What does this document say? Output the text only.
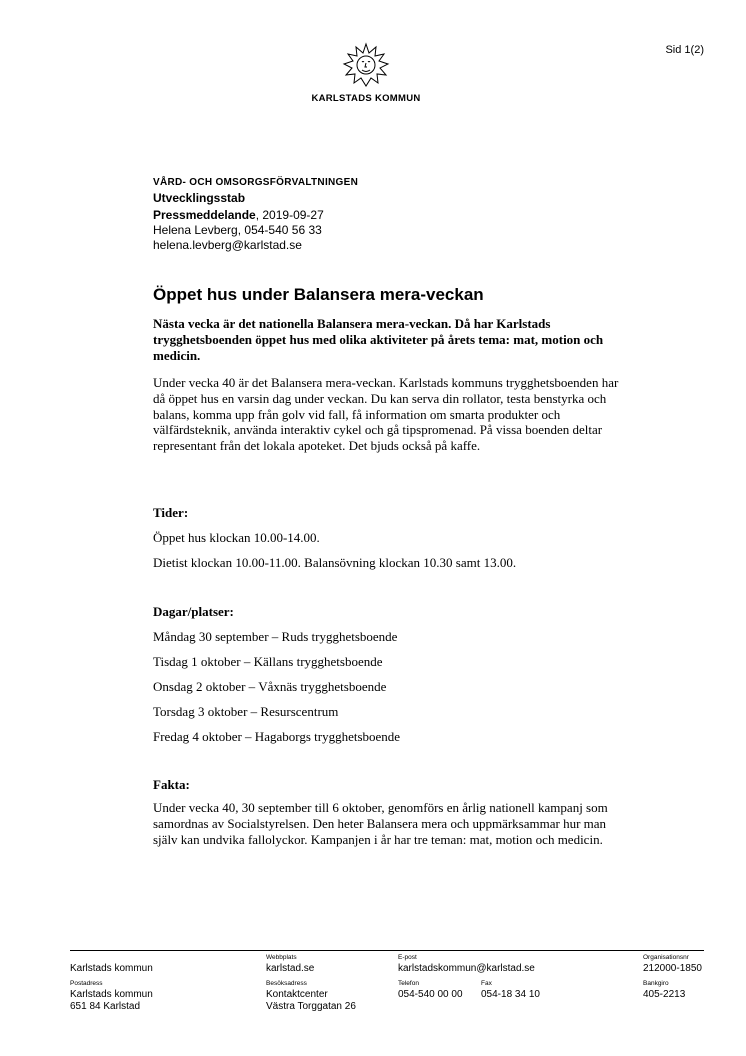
Sid 1(2)
KARLSTADS KOMMUN
VÅRD- OCH OMSORGSFÖRVALTNINGEN
Utvecklingsstab
Pressmeddelande, 2019-09-27
Helena Levberg, 054-540 56 33
helena.levberg@karlstad.se
Öppet hus under Balansera mera-veckan
Nästa vecka är det nationella Balansera mera-veckan. Då har Karlstads trygghetsboenden öppet hus med olika aktiviteter på årets tema: mat, motion och medicin.
Under vecka 40 är det Balansera mera-veckan. Karlstads kommuns trygghetsboenden har då öppet hus en varsin dag under veckan. Du kan serva din rollator, testa benstyrka och balans, komma upp från golv vid fall, få information om smarta produkter och välfärdsteknik, använda interaktiv cykel och gå tipspromenad. På vissa boenden deltar representant från det lokala apoteket. Det bjuds också på kaffe.
Tider:
Öppet hus klockan 10.00-14.00.
Dietist klockan 10.00-11.00. Balansövning klockan 10.30 samt 13.00.
Dagar/platser:
Måndag 30 september – Ruds trygghetsboende
Tisdag 1 oktober – Källans trygghetsboende
Onsdag 2 oktober – Våxnäs trygghetsboende
Torsdag 3 oktober – Resurscentrum
Fredag 4 oktober – Hagaborgs trygghetsboende
Fakta:
Under vecka 40, 30 september till 6 oktober, genomförs en årlig nationell kampanj som samordnas av Socialstyrelsen. Den heter Balansera mera och uppmärksammar hur man själv kan undvika fallolyckor. Kampanjen i år har tre teman: mat, motion och medicin.
Karlstads kommun
Webbplats
karlstad.se
E-post
karlstadskommun@karlstad.se
Organisationsnr
212000-1850
Postadress
Karlstads kommun
651 84 Karlstad
Besöksadress
Kontaktcenter
Västra Torggatan 26
Telefon
054-540 00 00
Fax
054-18 34 10
Bankgiro
405-2213
